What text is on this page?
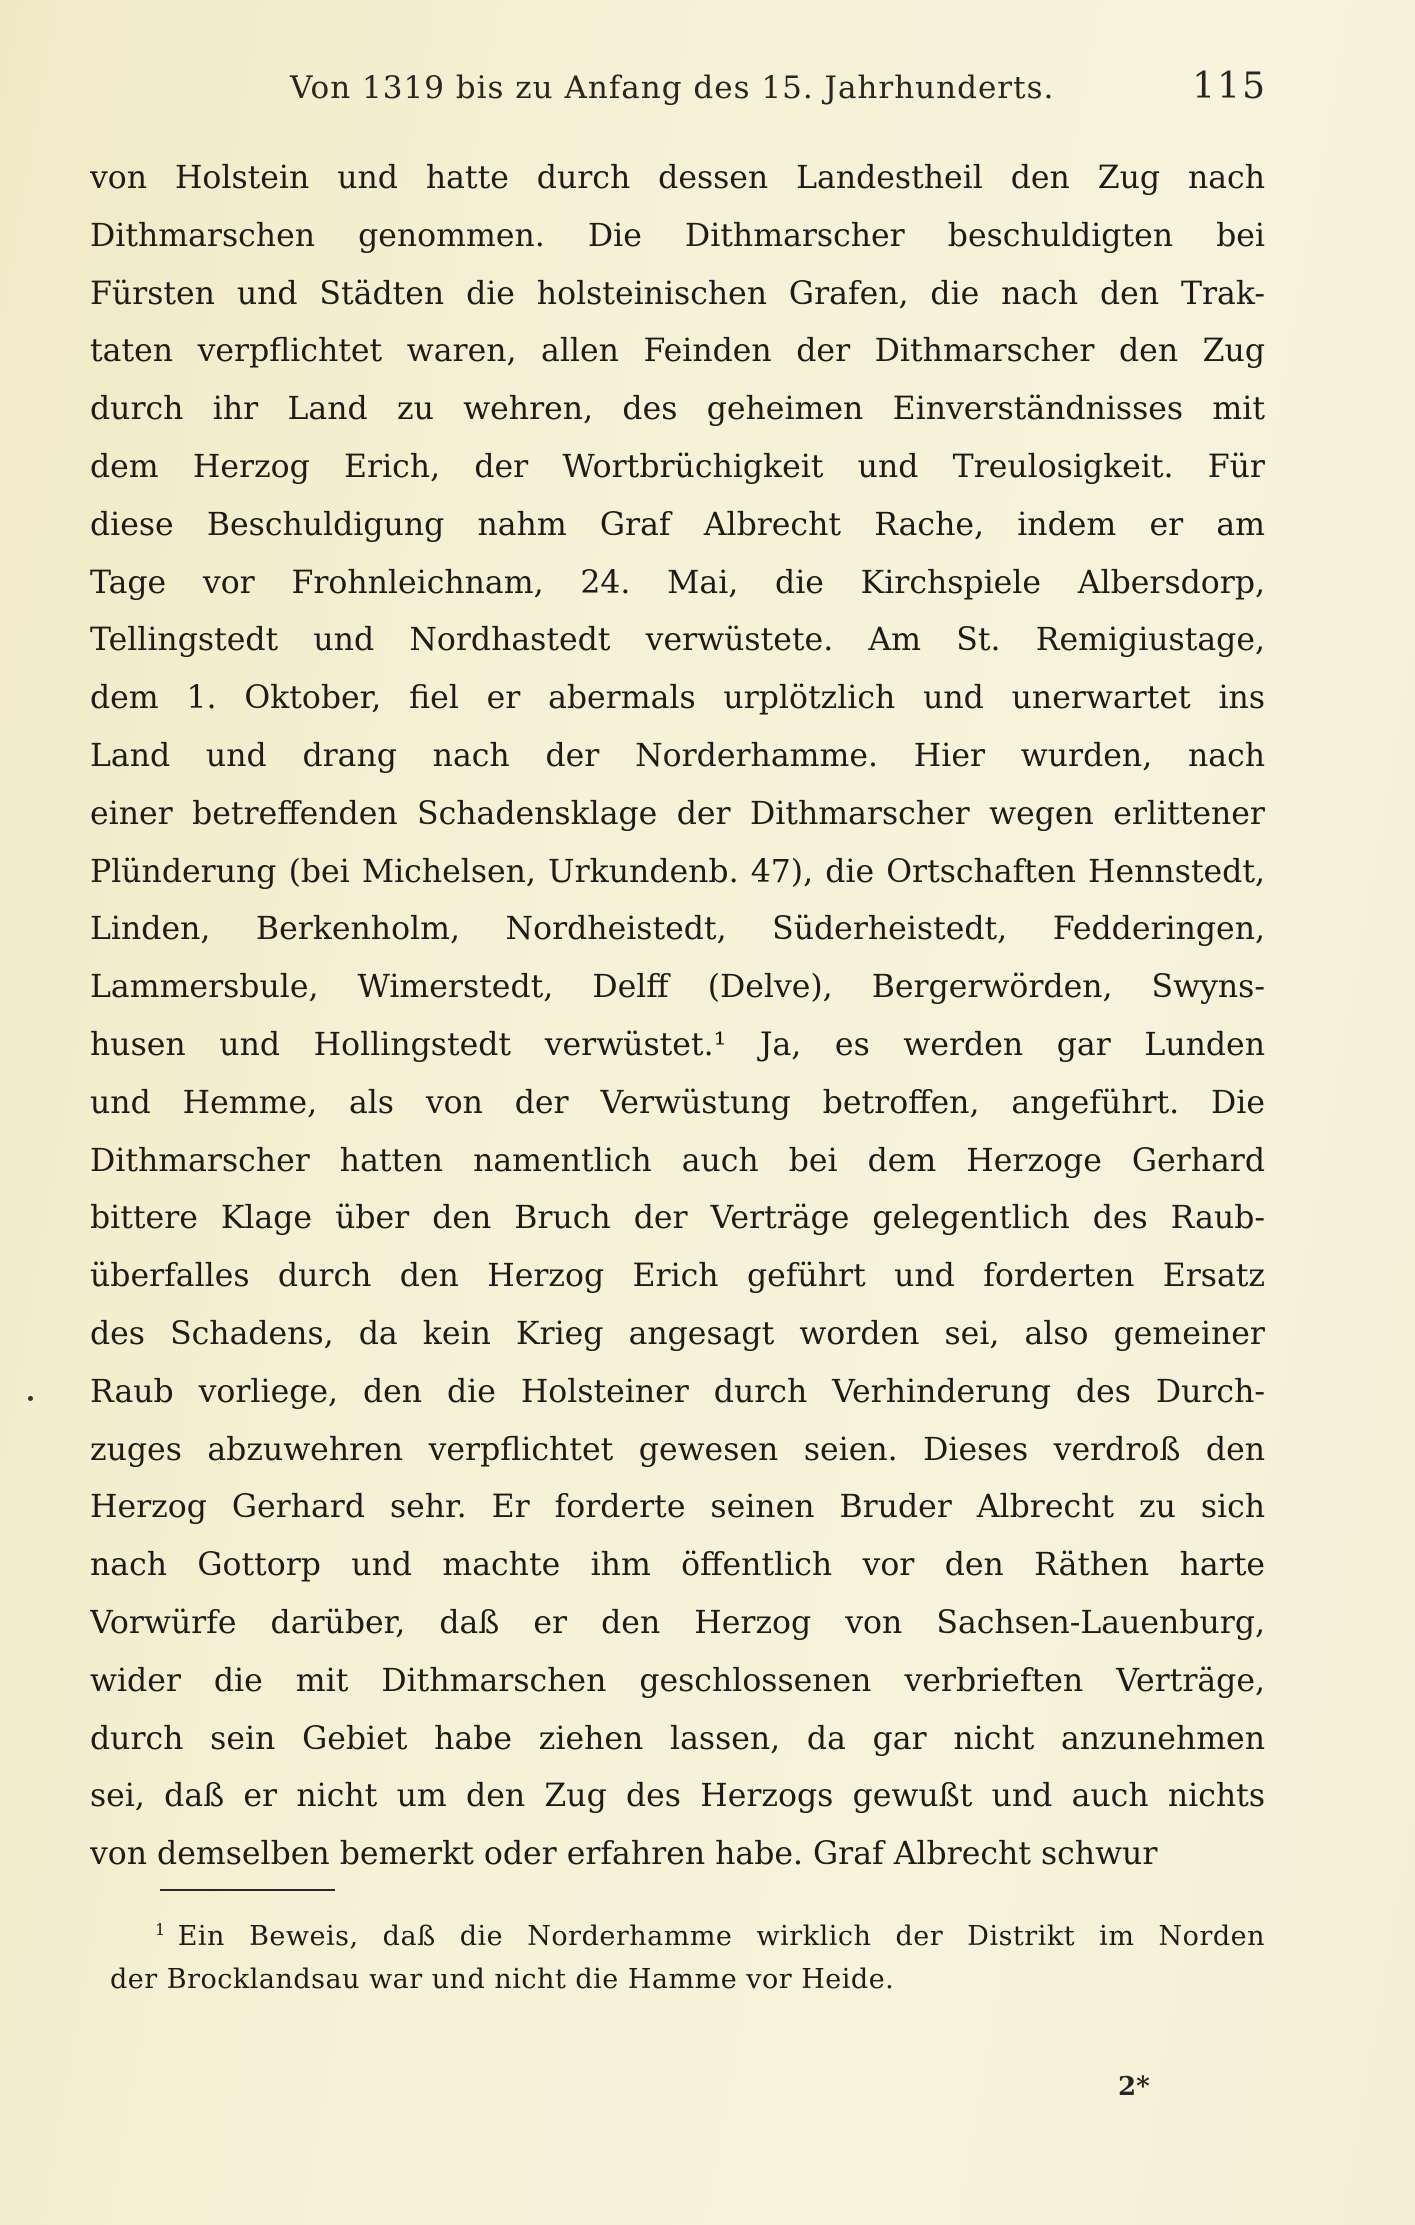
Von 1319 bis zu Anfang des 15. Jahrhunderts.	115
von Holstein und hatte durch dessen Landestheil den Zug nach
Dithmarschen genommen. Die Dithmarscher beschuldigten bei
Fürsten und Städten die holsteinischen Grafen, die nach den Trak-
taten verpflichtet waren, allen Feinden der Dithmarscher den Zug
durch ihr Land zu wehren, des geheimen Einverständnisses mit
dem Herzog Erich, der Wortbrüchigkeit und Treulosigkeit. Für
diese Beschuldigung nahm Graf Albrecht Rache, indem er am
Tage vor Frohnleichnam, 24. Mai, die Kirchspiele Albersdorp,
Tellingstedt und Nordhastedt verwüstete. Am St. Remigiustage,
dem 1. Oktober, fiel er abermals urplötzlich und unerwartet ins
Land und drang nach der Norderhamme. Hier wurden, nach
einer betreffenden Schadensklage der Dithmarscher wegen erlittener
Plünderung (bei Michelsen, Urkundenb. 47), die Ortschaften Hennstedt,
Linden, Berkenholm, Nordheistedt, Süderheistedt, Fedderingen,
Lammersbule, Wimerstedt, Delff (Delve), Bergerwörden, Swyns-
husen und Hollingstedt verwüstet.¹ Ja, es werden gar Lunden
und Hemme, als von der Verwüstung betroffen, angeführt. Die
Dithmarscher hatten namentlich auch bei dem Herzoge Gerhard
bittere Klage über den Bruch der Verträge gelegentlich des Raub-
überfalles durch den Herzog Erich geführt und forderten Ersatz
des Schadens, da kein Krieg angesagt worden sei, also gemeiner
Raub vorliege, den die Holsteiner durch Verhinderung des Durch-
zuges abzuwehren verpflichtet gewesen seien. Dieses verdroß den
Herzog Gerhard sehr. Er forderte seinen Bruder Albrecht zu sich
nach Gottorp und machte ihm öffentlich vor den Räthen harte
Vorwürfe darüber, daß er den Herzog von Sachsen-Lauenburg,
wider die mit Dithmarschen geschlossenen verbrieften Verträge,
durch sein Gebiet habe ziehen lassen, da gar nicht anzunehmen
sei, daß er nicht um den Zug des Herzogs gewußt und auch nichts
von demselben bemerkt oder erfahren habe. Graf Albrecht schwur
$^1$ Ein Beweis, daß die Norderhamme wirklich der Distrikt im Norden
der Brocklandsau war und nicht die Hamme vor Heide.
2*
